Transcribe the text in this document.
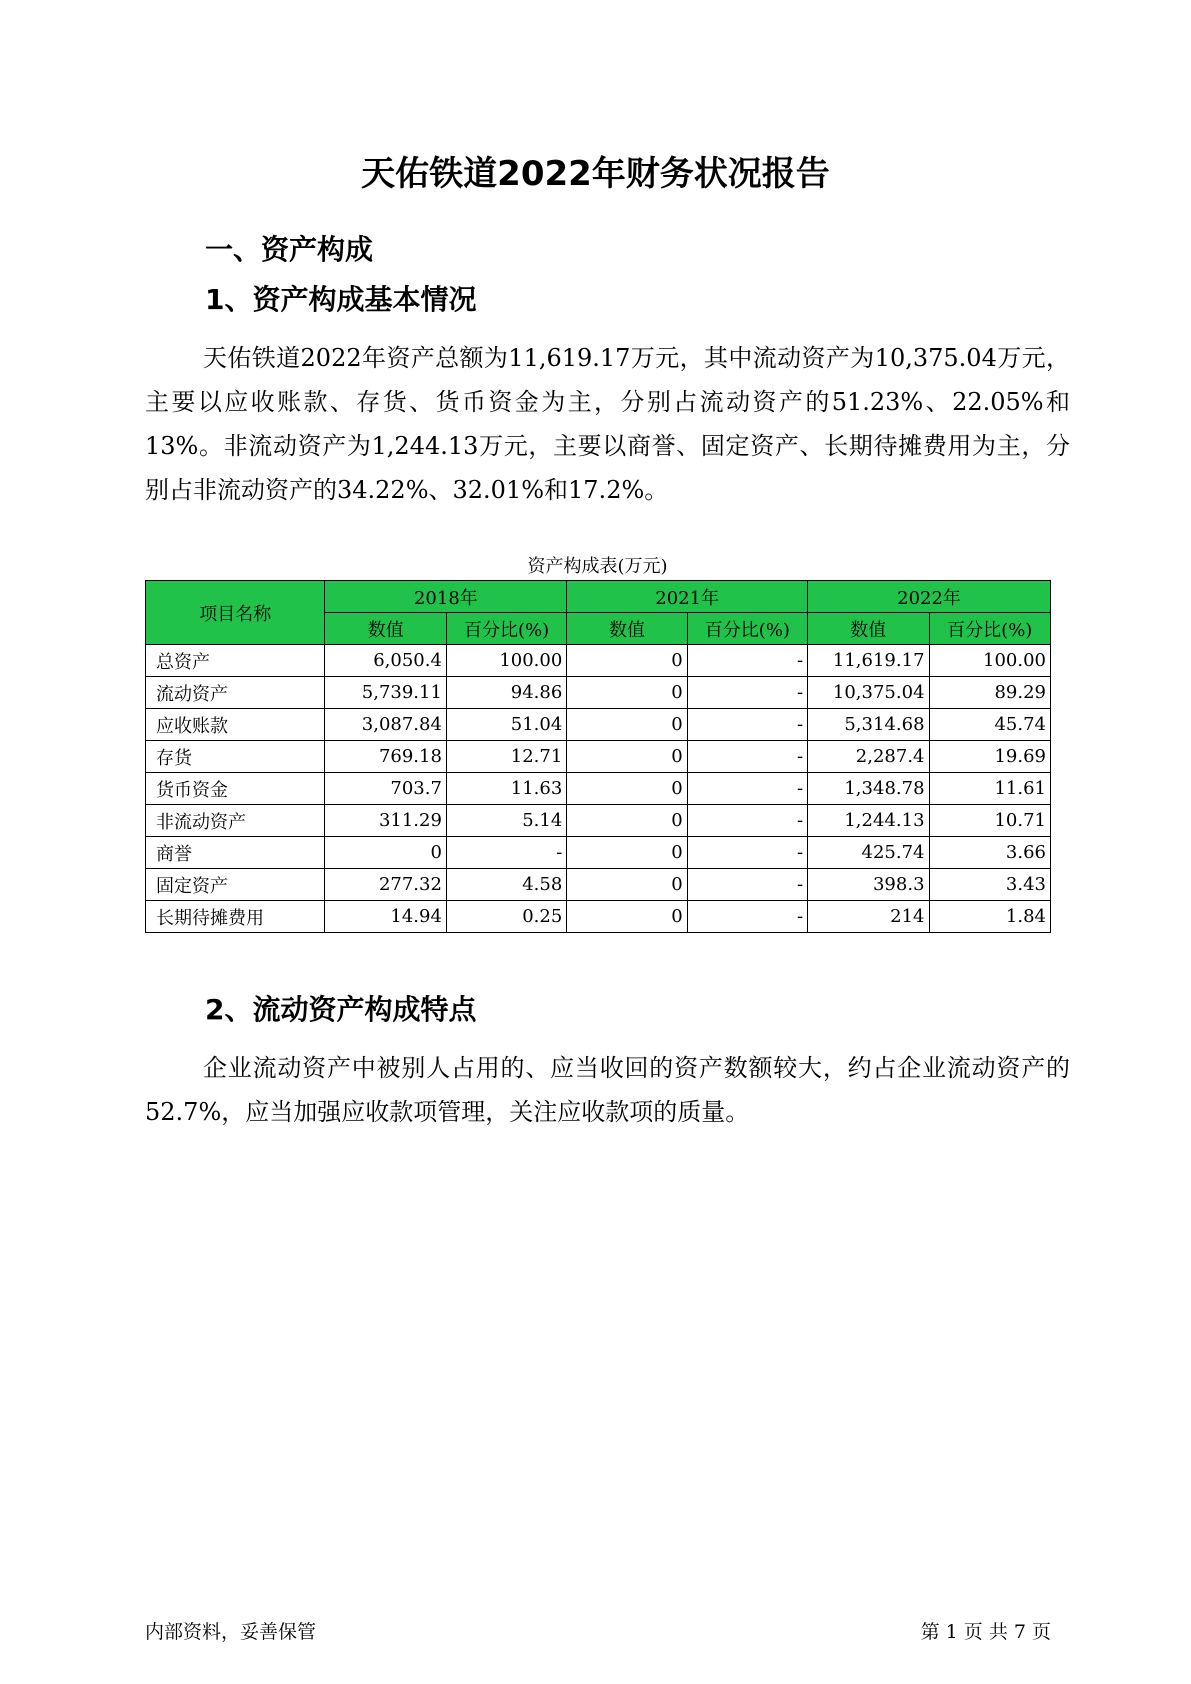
天佑铁道2022年财务状况报告
一、资产构成
1、资产构成基本情况

天佑铁道2022年资产总额为11,619.17万元，其中流动资产为10,375.04万元，主要以应收账款、存货、货币资金为主，分别占流动资产的51.23%、22.05%和13%。非流动资产为1,244.13万元，主要以商誉、固定资产、长期待摊费用为主，分别占非流动资产的34.22%、32.01%和17.2%。

资产构成表(万元)
项目名称	2018年		2021年		2022年	
	数值	百分比(%)	数值	百分比(%)	数值	百分比(%)
总资产	6,050.4	100.00	0	-	11,619.17	100.00
流动资产	5,739.11	94.86	0	-	10,375.04	89.29
应收账款	3,087.84	51.04	0	-	5,314.68	45.74
存货	769.18	12.71	0	-	2,287.4	19.69
货币资金	703.7	11.63	0	-	1,348.78	11.61
非流动资产	311.29	5.14	0	-	1,244.13	10.71
商誉	0	-	0	-	425.74	3.66
固定资产	277.32	4.58	0	-	398.3	3.43
长期待摊费用	14.94	0.25	0	-	214	1.84
2、流动资产构成特点

企业流动资产中被别人占用的、应当收回的资产数额较大，约占企业流动资产的52.7%，应当加强应收款项管理，关注应收款项的质量。

内部资料，妥善保管	第 1 页 共 7 页
